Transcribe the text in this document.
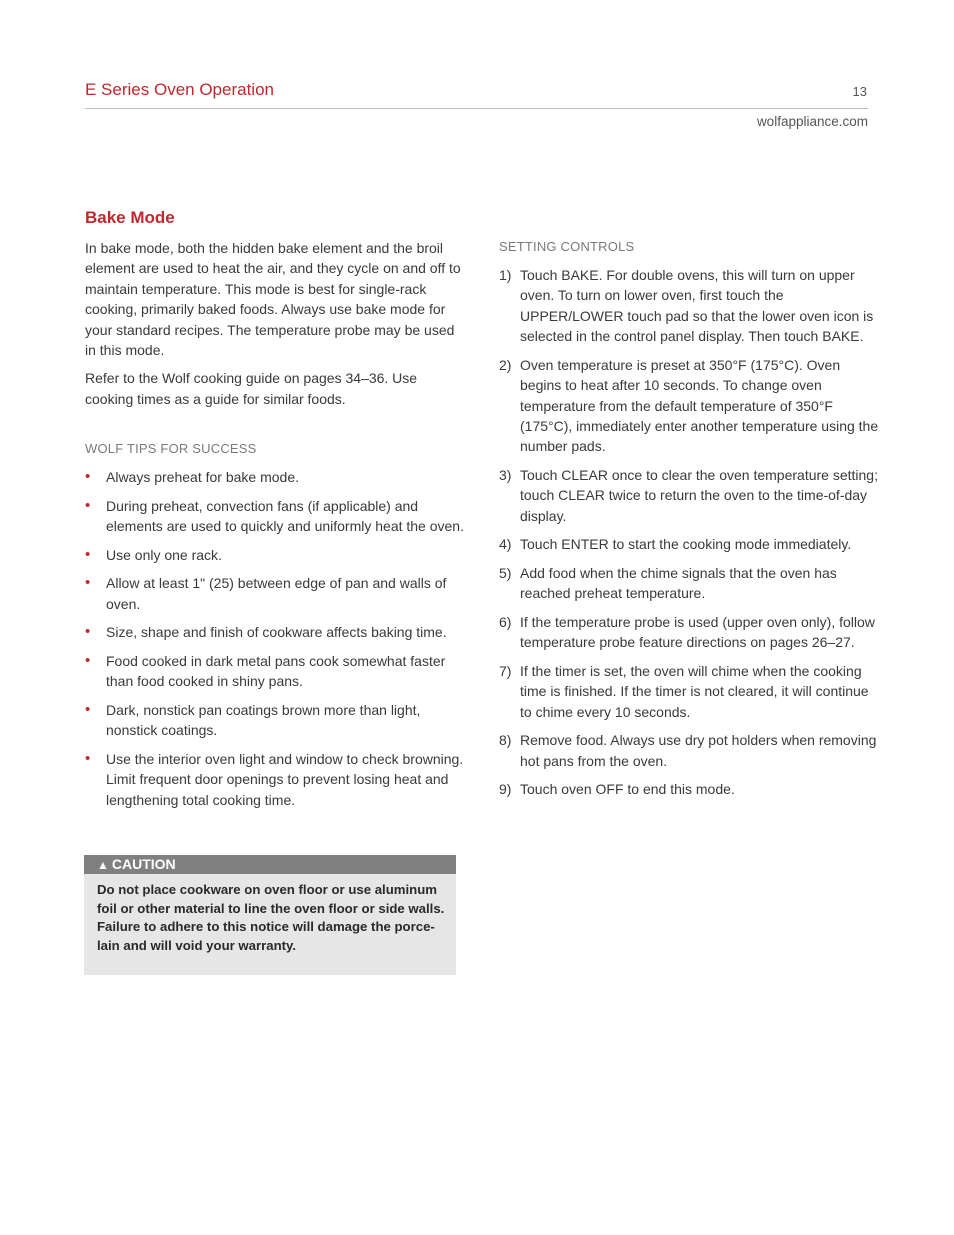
E Series Oven Operation	13
wolfappliance.com
Bake Mode

In bake mode, both the hidden bake element and the broil element are used to heat the air, and they cycle on and off to maintain temperature. This mode is best for single-rack cooking, primarily baked foods. Always use bake mode for your standard recipes. The temperature probe may be used in this mode.

Refer to the Wolf cooking guide on pages 34–36. Use cooking times as a guide for similar foods.

WOLF TIPS FOR SUCCESS
• Always preheat for bake mode.
• During preheat, convection fans (if applicable) and elements are used to quickly and uniformly heat the oven.
• Use only one rack.
• Allow at least 1" (25) between edge of pan and walls of oven.
• Size, shape and finish of cookware affects baking time.
• Food cooked in dark metal pans cook somewhat faster than food cooked in shiny pans.
• Dark, nonstick pan coatings brown more than light, nonstick coatings.
• Use the interior oven light and window to check browning. Limit frequent door openings to prevent losing heat and lengthening total cooking time.
▲ CAUTION
Do not place cookware on oven floor or use aluminum foil or other material to line the oven floor or side walls. Failure to adhere to this notice will damage the porce-lain and will void your warranty.
SETTING CONTROLS
1) Touch BAKE. For double ovens, this will turn on upper oven. To turn on lower oven, first touch the UPPER/LOWER touch pad so that the lower oven icon is selected in the control panel display. Then touch BAKE.
2) Oven temperature is preset at 350°F (175°C). Oven begins to heat after 10 seconds. To change oven temperature from the default temperature of 350°F (175°C), immediately enter another temperature using the number pads.
3) Touch CLEAR once to clear the oven temperature setting; touch CLEAR twice to return the oven to the time-of-day display.
4) Touch ENTER to start the cooking mode immediately.
5) Add food when the chime signals that the oven has reached preheat temperature.
6) If the temperature probe is used (upper oven only), follow temperature probe feature directions on pages 26–27.
7) If the timer is set, the oven will chime when the cooking time is finished. If the timer is not cleared, it will continue to chime every 10 seconds.
8) Remove food. Always use dry pot holders when removing hot pans from the oven.
9) Touch oven OFF to end this mode.
